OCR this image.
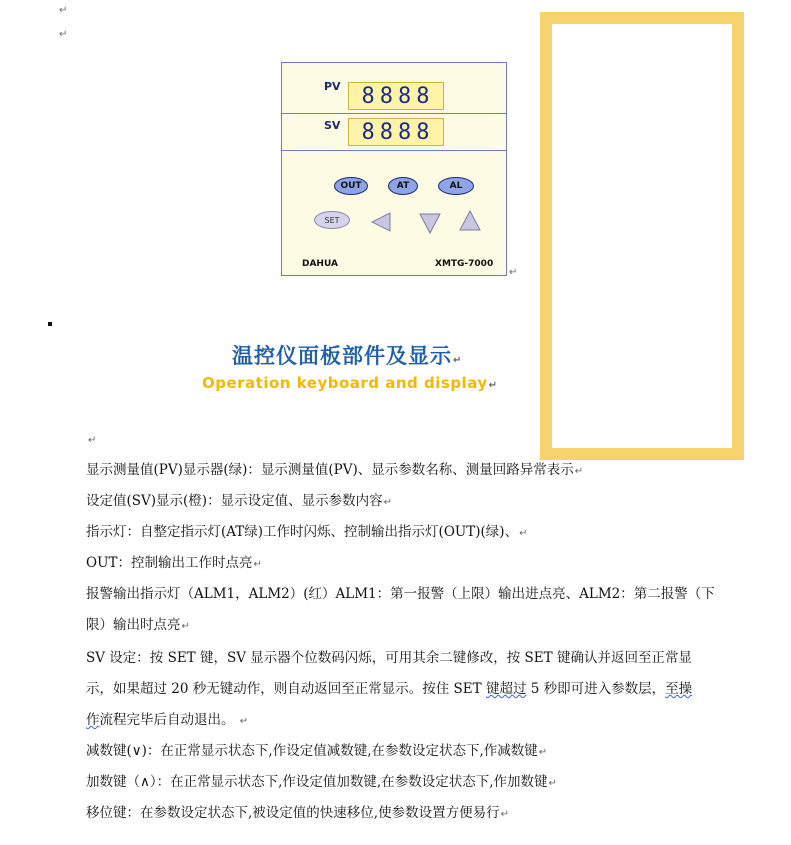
↵
↵
PV 8 8 8 8
SV 8 8 8 8
OUT	AT	AL
SET
DAHUA	XMTG-7000
↵
温控仪面板部件及显示 ↵
Operation keyboard and display ↵
↵
显示测量值(PV)显示器(绿)：显示测量值(PV)、显示参数名称、测量回路异常表示 ↵
设定值(SV)显示(橙)：显示设定值、显示参数内容 ↵
指示灯：自整定指示灯(AT绿)工作时闪烁、控制输出指示灯(OUT)(绿)、 ↵
OUT：控制输出工作时点亮 ↵
报警输出指示灯（ALM1，ALM2）(红）ALM1：第一报警（上限）输出进点亮、ALM2：第二报警（下
限）输出时点亮 ↵
SV 设定：按 SET 键，SV 显示器个位数码闪烁，可用其余二键修改，按 SET 键确认并返回至正常显
示，如果超过 20 秒无键动作，则自动返回至正常显示。按住 SET 键超过 5 秒即可进入参数层，至操
作流程完毕后自动退出。 ↵
减数键(∨)：在正常显示状态下,作设定值减数键,在参数设定状态下,作减数键 ↵
加数键（∧）：在正常显示状态下,作设定值加数键,在参数设定状态下,作加数键 ↵
移位键：在参数设定状态下,被设定值的快速移位,使参数设置方便易行 ↵
